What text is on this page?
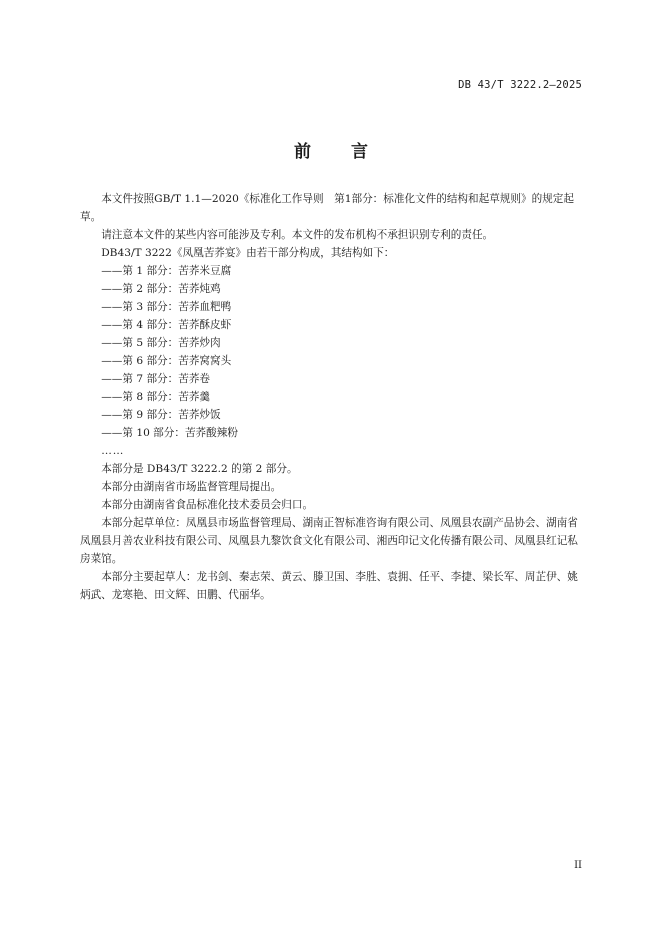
DB 43/T 3222.2—2025
前 言

本文件按照GB/T 1.1—2020《标准化工作导则　第1部分：标准化文件的结构和起草规则》的规定起草。

请注意本文件的某些内容可能涉及专利。本文件的发布机构不承担识别专利的责任。

DB43/T 3222《凤凰苦荞宴》由若干部分构成，其结构如下：

——第 1 部分：苦荞米豆腐

——第 2 部分：苦荞炖鸡

——第 3 部分：苦荞血粑鸭

——第 4 部分：苦荞酥皮虾

——第 5 部分：苦荞炒肉

——第 6 部分：苦荞窝窝头

——第 7 部分：苦荞卷

——第 8 部分：苦荞羹

——第 9 部分：苦荞炒饭

——第 10 部分：苦荞酸辣粉

……

本部分是 DB43/T 3222.2 的第 2 部分。

本部分由湖南省市场监督管理局提出。

本部分由湖南省食品标准化技术委员会归口。

本部分起草单位：凤凰县市场监督管理局、湖南正智标准咨询有限公司、凤凰县农副产品协会、湖南省凤凰县月善农业科技有限公司、凤凰县九黎饮食文化有限公司、湘西印记文化传播有限公司、凤凰县红记私房菜馆。

本部分主要起草人：龙书剑、秦志荣、黄云、滕卫国、李胜、袁拥、任平、李捷、梁长军、周芷伊、姚炳武、龙寒艳、田文辉、田鹏、代丽华。

II
